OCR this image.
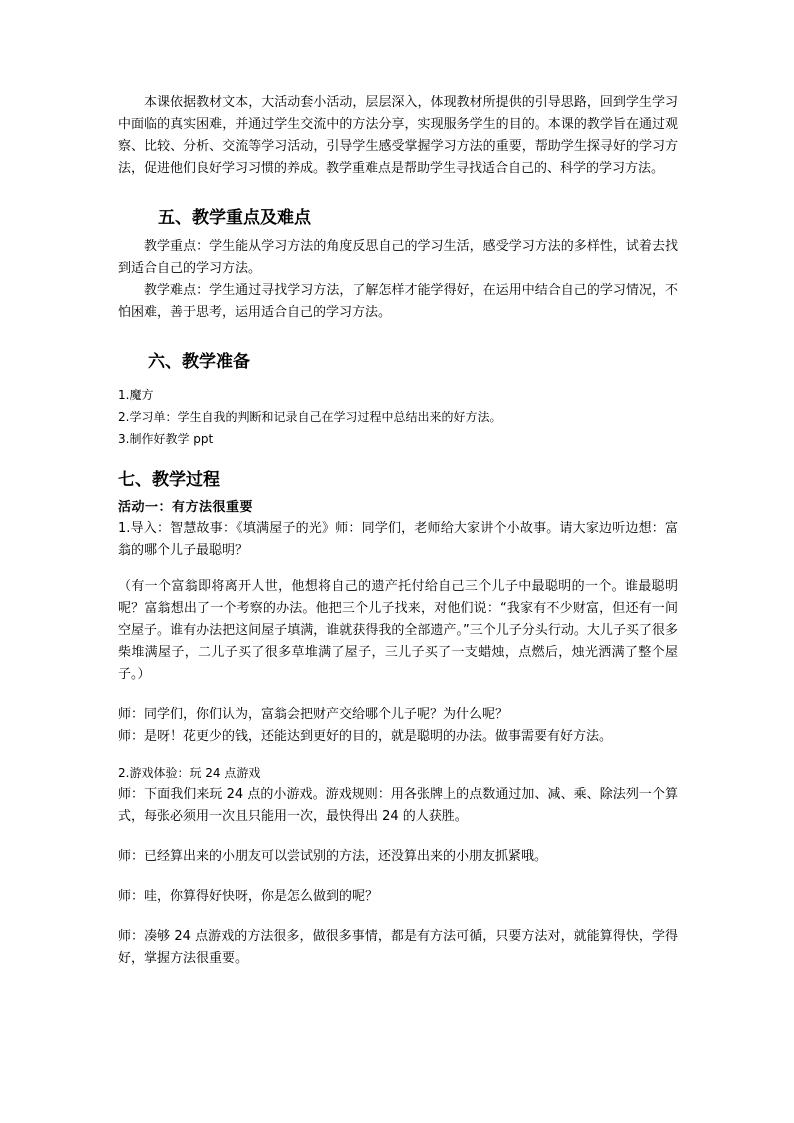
本课依据教材文本，大活动套小活动，层层深入，体现教材所提供的引导思路，回到学生学习中面临的真实困难，并通过学生交流中的方法分享，实现服务学生的目的。本课的教学旨在通过观察、比较、分析、交流等学习活动，引导学生感受掌握学习方法的重要，帮助学生探寻好的学习方法，促进他们良好学习习惯的养成。教学重难点是帮助学生寻找适合自己的、科学的学习方法。

五、教学重点及难点

教学重点：学生能从学习方法的角度反思自己的学习生活，感受学习方法的多样性，试着去找到适合自己的学习方法。

教学难点：学生通过寻找学习方法，了解怎样才能学得好，在运用中结合自己的学习情况，不怕困难，善于思考，运用适合自己的学习方法。

六、教学准备

1.魔方

2.学习单：学生自我的判断和记录自己在学习过程中总结出来的好方法。

3.制作好教学 ppt

七、教学过程

活动一：有方法很重要

1.导入：智慧故事：《填满屋子的光》师：同学们，老师给大家讲个小故事。请大家边听边想：富翁的哪个儿子最聪明？

（有一个富翁即将离开人世，他想将自己的遗产托付给自己三个儿子中最聪明的一个。谁最聪明呢？富翁想出了一个考察的办法。他把三个儿子找来，对他们说：“我家有不少财富，但还有一间空屋子。谁有办法把这间屋子填满，谁就获得我的全部遗产。”三个儿子分头行动。大儿子买了很多柴堆满屋子，二儿子买了很多草堆满了屋子，三儿子买了一支蜡烛，点燃后，烛光洒满了整个屋子。）

师：同学们，你们认为，富翁会把财产交给哪个儿子呢？为什么呢？

师：是呀！花更少的钱，还能达到更好的目的，就是聪明的办法。做事需要有好方法。

2.游戏体验：玩 24 点游戏

师：下面我们来玩 24 点的小游戏。游戏规则：用各张牌上的点数通过加、减、乘、除法列一个算式，每张必须用一次且只能用一次，最快得出 24 的人获胜。

师：已经算出来的小朋友可以尝试别的方法，还没算出来的小朋友抓紧哦。

师：哇，你算得好快呀，你是怎么做到的呢？

师：凑够 24 点游戏的方法很多，做很多事情，都是有方法可循，只要方法对，就能算得快，学得好，掌握方法很重要。
